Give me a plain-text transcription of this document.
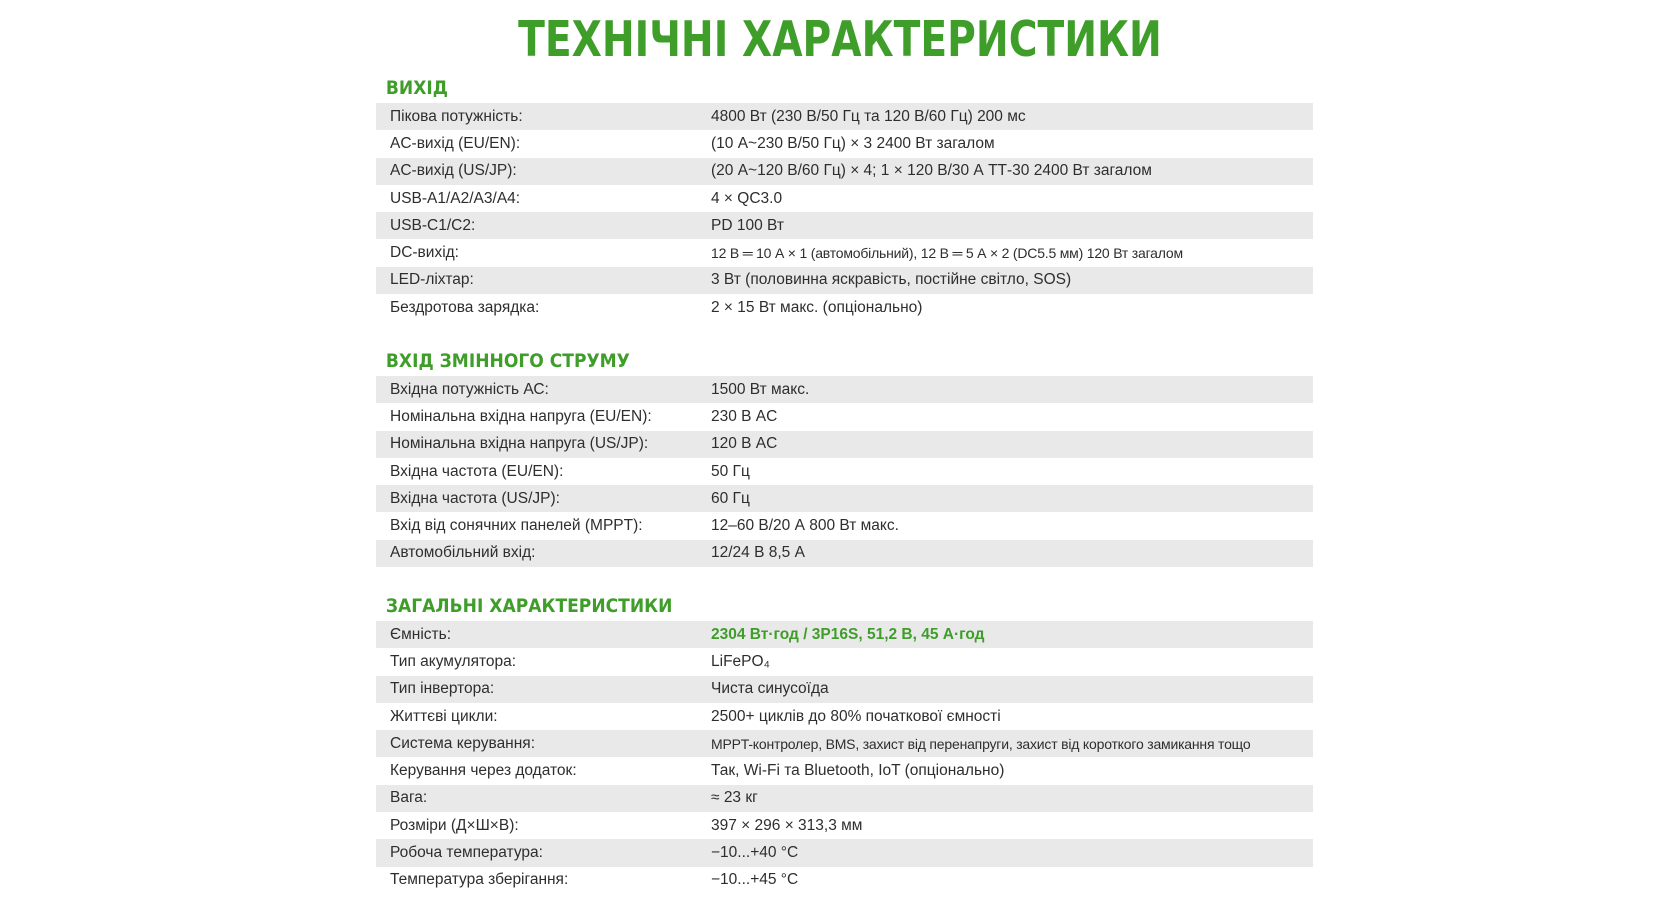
ТЕХНІЧНІ ХАРАКТЕРИСТИКИ
ВИХІД
Пікова потужність:	4800 Вт (230 В/50 Гц та 120 В/60 Гц) 200 мс
AC-вихід (EU/EN):	(10 А~230 В/50 Гц) × 3 2400 Вт загалом
AC-вихід (US/JP):	(20 А~120 В/60 Гц) × 4; 1 × 120 В/30 А ТТ-30 2400 Вт загалом
USB-A1/A2/A3/A4:	4 × QC3.0
USB-C1/C2:	PD 100 Вт
DC-вихід:	12 В ═ 10 А × 1 (автомобільний), 12 В ═ 5 А × 2 (DC5.5 мм) 120 Вт загалом
LED-ліхтар:	3 Вт (половинна яскравість, постійне світло, SOS)
Бездротова зарядка:	2 × 15 Вт макс. (опціонально)
ВХІД ЗМІННОГО СТРУМУ
Вхідна потужність АС:	1500 Вт макс.
Номінальна вхідна напруга (EU/EN):	230 В AC
Номінальна вхідна напруга (US/JP):	120 В AC
Вхідна частота (EU/EN):	50 Гц
Вхідна частота (US/JP):	60 Гц
Вхід від сонячних панелей (MPPT):	12–60 В/20 А 800 Вт макс.
Автомобільний вхід:	12/24 В 8,5 А
ЗАГАЛЬНІ ХАРАКТЕРИСТИКИ
Ємність:	2304 Вт·год / 3P16S, 51,2 В, 45 А·год
Тип акумулятора:	LiFePO₄
Тип інвертора:	Чиста синусоїда
Життєві цикли:	2500+ циклів до 80% початкової ємності
Система керування:	MPPT-контролер, BMS, захист від перенапруги, захист від короткого замикання тощо
Керування через додаток:	Так, Wi-Fi та Bluetooth, IoT (опціонально)
Вага:	≈ 23 кг
Розміри (Д×Ш×В):	397 × 296 × 313,3 мм
Робоча температура:	−10...+40 °С
Температура зберігання:	−10...+45 °С
